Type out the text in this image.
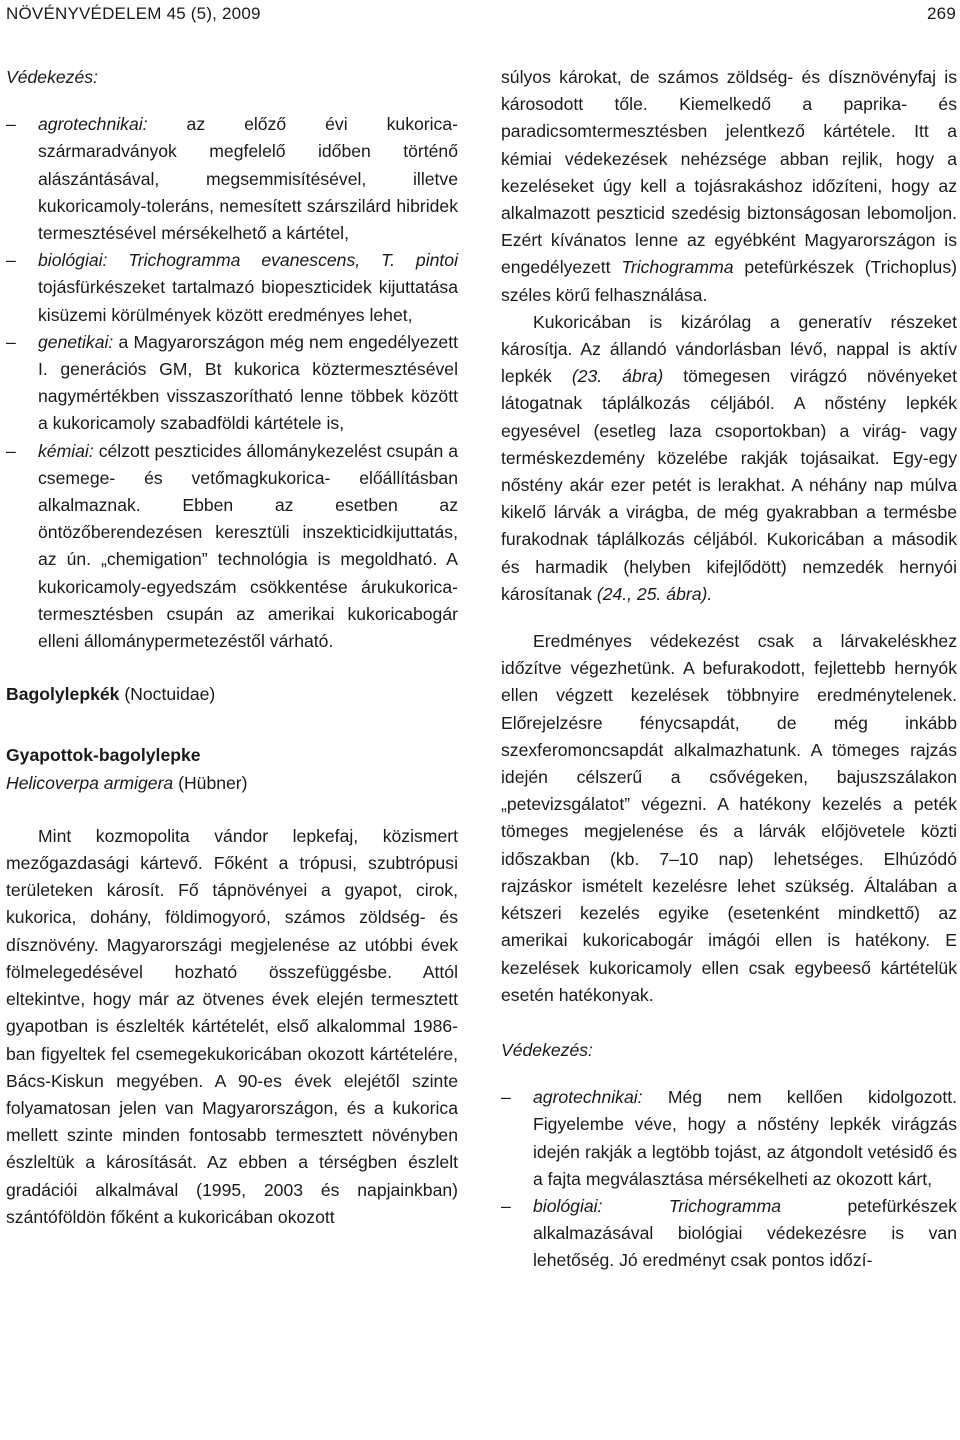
NÖVÉNYVÉDELEM 45 (5), 2009	269

Védekezés:

–
agrotechnikai: az előző évi kukorica-szármaradványok megfelelő időben történő alászántásával, megsemmisítésével, illetve kukoricamoly-toleráns, nemesített szárszilárd hibridek termesztésével mérsékelhető a kártétel,
–
biológiai: Trichogramma evanescens, T. pintoi tojásfürkészeket tartalmazó biopeszticidek kijuttatása kisüzemi körülmények között eredményes lehet,
–
genetikai: a Magyarországon még nem engedélyezett I. generációs GM, Bt kukorica köztermesztésével nagymértékben visszaszorítható lenne többek között a kukoricamoly szabadföldi kártétele is,
–
kémiai: célzott peszticides állománykezelést csupán a csemege- és vetőmagkukorica- előállításban alkalmaznak. Ebben az esetben az öntözőberendezésen keresztüli inszekticidkijuttatás, az ún. „chemigation” technológia is megoldható. A kukoricamoly-egyedszám csökkentése árukukorica-termesztésben csupán az amerikai kukoricabogár elleni állománypermetezéstől várható.

Bagolylepkék (Noctuidae)

Gyapottok-bagolylepke

Helicoverpa armigera (Hübner)

Mint kozmopolita vándor lepkefaj, közismert mezőgazdasági kártevő. Főként a trópusi, szubtrópusi területeken károsít. Fő tápnövényei a gyapot, cirok, kukorica, dohány, földimogyoró, számos zöldség- és dísznövény. Magyarországi megjelenése az utóbbi évek fölmelegedésével hozható összefüggésbe. Attól eltekintve, hogy már az ötvenes évek elején termesztett gyapotban is észlelték kártételét, első alkalommal 1986-ban figyeltek fel csemegekukoricában okozott kártételére, Bács-Kiskun megyében. A 90-es évek elejétől szinte folyamatosan jelen van Magyarországon, és a kukorica mellett szinte minden fontosabb termesztett növényben észleltük a károsítását. Az ebben a térségben észlelt gradációi alkalmával (1995, 2003 és napjainkban) szántóföldön főként a kukoricában okozott

súlyos károkat, de számos zöldség- és dísznövényfaj is károsodott tőle. Kiemelkedő a paprika- és paradicsomtermesztésben jelentkező kártétele. Itt a kémiai védekezések nehézsége abban rejlik, hogy a kezeléseket úgy kell a tojásrakáshoz időzíteni, hogy az alkalmazott peszticid szedésig biztonságosan lebomoljon. Ezért kívánatos lenne az egyébként Magyarországon is engedélyezett Trichogramma petefürkészek (Trichoplus) széles körű felhasználása.

Kukoricában is kizárólag a generatív részeket károsítja. Az állandó vándorlásban lévő, nappal is aktív lepkék (23. ábra) tömegesen virágzó növényeket látogatnak táplálkozás céljából. A nőstény lepkék egyesével (esetleg laza csoportokban) a virág- vagy terméskezdemény közelébe rakják tojásaikat. Egy-egy nőstény akár ezer petét is lerakhat. A néhány nap múlva kikelő lárvák a virágba, de még gyakrabban a termésbe furakodnak táplálkozás céljából. Kukoricában a második és harmadik (helyben kifejlődött) nemzedék hernyói károsítanak (24., 25. ábra).

Eredményes védekezést csak a lárvakeléskhez időzítve végezhetünk. A befurakodott, fejlettebb hernyók ellen végzett kezelések többnyire eredménytelenek. Előrejelzésre fénycsapdát, de még inkább szexferomoncsapdát alkalmazhatunk. A tömeges rajzás idején célszerű a csővégeken, bajuszszálakon „petevizsgálatot” végezni. A hatékony kezelés a peték tömeges megjelenése és a lárvák előjövetele közti időszakban (kb. 7–10 nap) lehetséges. Elhúzódó rajzáskor ismételt kezelésre lehet szükség. Általában a kétszeri kezelés egyike (esetenként mindkettő) az amerikai kukoricabogár imágói ellen is hatékony. E kezelések kukoricamoly ellen csak egybeeső kártételük esetén hatékonyak.

Védekezés:

–
agrotechnikai: Még nem kellően kidolgozott. Figyelembe véve, hogy a nőstény lepkék virágzás idején rakják a legtöbb tojást, az átgondolt vetésidő és a fajta megválasztása mérsékelheti az okozott kárt,
–
biológiai: Trichogramma petefürkészek alkalmazásával biológiai védekezésre is van lehetőség. Jó eredményt csak pontos időzí-
